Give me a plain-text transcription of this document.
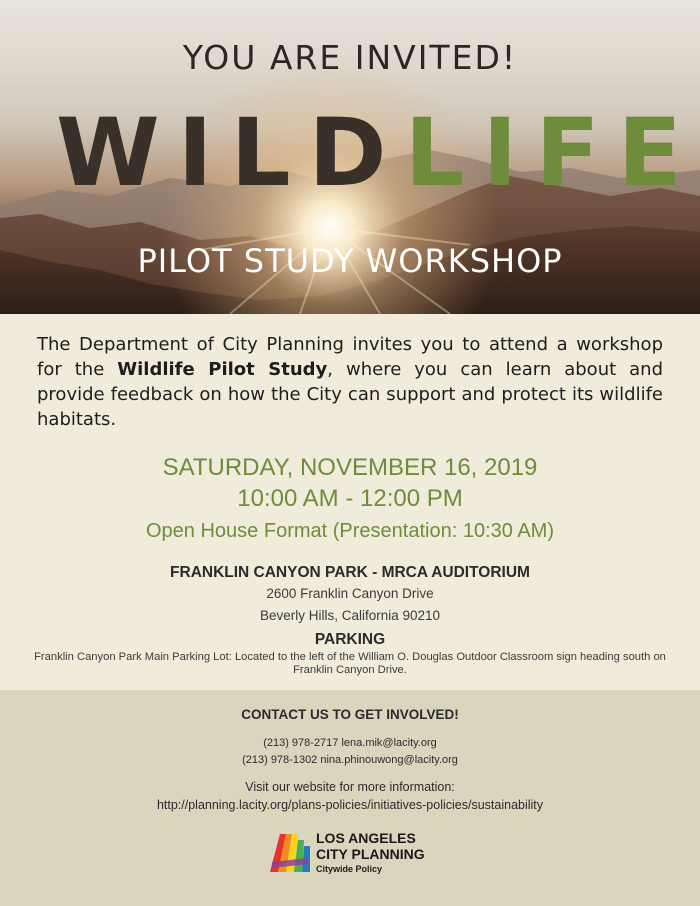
YOU ARE INVITED!
WILDLIFE
PILOT STUDY WORKSHOP

The Department of City Planning invites you to attend a workshop for the Wildlife Pilot Study, where you can learn about and provide feedback on how the City can support and protect its wildlife habitats.

SATURDAY, NOVEMBER 16, 2019
10:00 AM - 12:00 PM
Open House Format (Presentation: 10:30 AM)
FRANKLIN CANYON PARK - MRCA AUDITORIUM
2600 Franklin Canyon Drive
Beverly Hills, California 90210
PARKING

Franklin Canyon Park Main Parking Lot: Located to the left of the William O. Douglas Outdoor Classroom sign heading south on Franklin Canyon Drive.

CONTACT US TO GET INVOLVED!
(213) 978-2717 lena.mik@lacity.org
(213) 978-1302 nina.phinouwong@lacity.org
Visit our website for more information:
http://planning.lacity.org/plans-policies/initiatives-policies/sustainability
LOS ANGELES
CITY PLANNING
Citywide Policy
